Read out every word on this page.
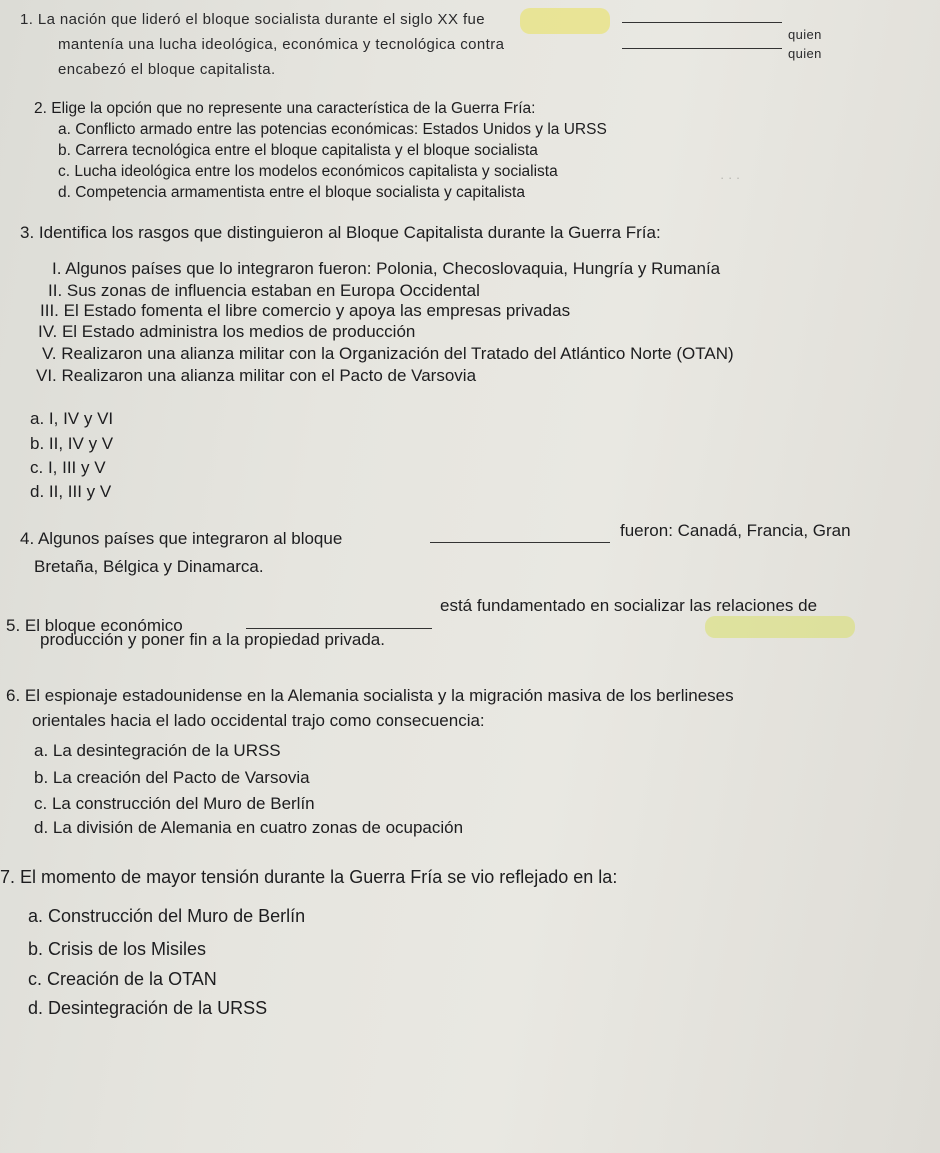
· · ·
1. La nación que lideró el bloque socialista durante el siglo XX fue
quien
mantenía una lucha ideológica, económica y tecnológica contra
quien
encabezó el bloque capitalista.
2. Elige la opción que no represente una característica de la Guerra Fría:
a. Conflicto armado entre las potencias económicas: Estados Unidos y la URSS
b. Carrera tecnológica entre el bloque capitalista y el bloque socialista
c. Lucha ideológica entre los modelos económicos capitalista y socialista
d. Competencia armamentista entre el bloque socialista y capitalista
3. Identifica los rasgos que distinguieron al Bloque Capitalista durante la Guerra Fría:
I. Algunos países que lo integraron fueron: Polonia, Checoslovaquia, Hungría y Rumanía
II. Sus zonas de influencia estaban en Europa Occidental
III. El Estado fomenta el libre comercio y apoya las empresas privadas
IV. El Estado administra los medios de producción
V. Realizaron una alianza militar con la Organización del Tratado del Atlántico Norte (OTAN)
VI. Realizaron una alianza militar con el Pacto de Varsovia
a. I, IV y VI
b. II, IV y V
c. I, III y V
d. II, III y V
4. Algunos países que integraron al bloque	fueron: Canadá, Francia, Gran
Bretaña, Bélgica y Dinamarca.
5. El bloque económico
está fundamentado en socializar las relaciones de
producción y poner fin a la propiedad privada.
6. El espionaje estadounidense en la Alemania socialista y la migración masiva de los berlineses
orientales hacia el lado occidental trajo como consecuencia:
a. La desintegración de la URSS
b. La creación del Pacto de Varsovia
c. La construcción del Muro de Berlín
d. La división de Alemania en cuatro zonas de ocupación
7. El momento de mayor tensión durante la Guerra Fría se vio reflejado en la:
a. Construcción del Muro de Berlín
b. Crisis de los Misiles
c. Creación de la OTAN
d. Desintegración de la URSS
